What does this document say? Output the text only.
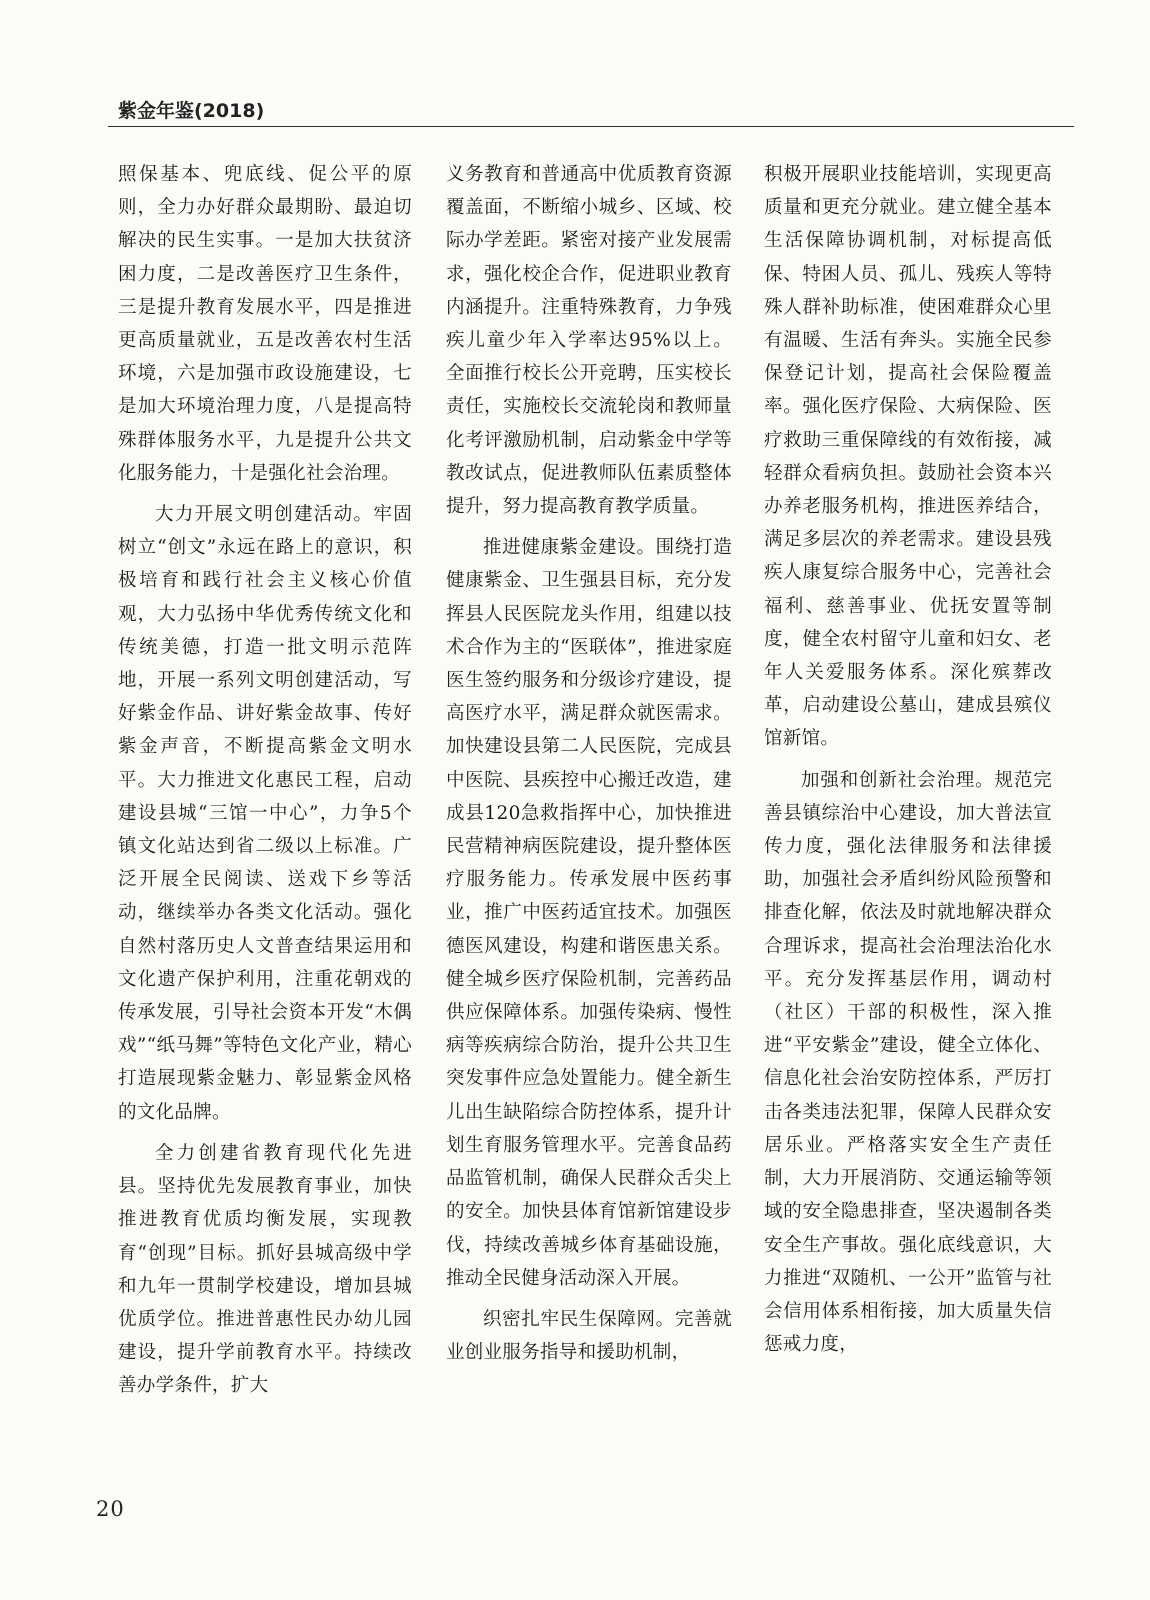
紫金年鉴(2018)

照保基本、兜底线、促公平的原则，全力办好群众最期盼、最迫切解决的民生实事。一是加大扶贫济困力度，二是改善医疗卫生条件，三是提升教育发展水平，四是推进更高质量就业，五是改善农村生活环境，六是加强市政设施建设，七是加大环境治理力度，八是提高特殊群体服务水平，九是提升公共文化服务能力，十是强化社会治理。

大力开展文明创建活动。牢固树立“创文”永远在路上的意识，积极培育和践行社会主义核心价值观，大力弘扬中华优秀传统文化和传统美德，打造一批文明示范阵地，开展一系列文明创建活动，写好紫金作品、讲好紫金故事、传好紫金声音，不断提高紫金文明水平。大力推进文化惠民工程，启动建设县城“三馆一中心”，力争5个镇文化站达到省二级以上标准。广泛开展全民阅读、送戏下乡等活动，继续举办各类文化活动。强化自然村落历史人文普查结果运用和文化遗产保护利用，注重花朝戏的传承发展，引导社会资本开发“木偶戏”“纸马舞”等特色文化产业，精心打造展现紫金魅力、彰显紫金风格的文化品牌。

全力创建省教育现代化先进县。坚持优先发展教育事业，加快推进教育优质均衡发展，实现教育“创现”目标。抓好县城高级中学和九年一贯制学校建设，增加县城优质学位。推进普惠性民办幼儿园建设，提升学前教育水平。持续改善办学条件，扩大

义务教育和普通高中优质教育资源覆盖面，不断缩小城乡、区域、校际办学差距。紧密对接产业发展需求，强化校企合作，促进职业教育内涵提升。注重特殊教育，力争残疾儿童少年入学率达95%以上。全面推行校长公开竞聘，压实校长责任，实施校长交流轮岗和教师量化考评激励机制，启动紫金中学等教改试点，促进教师队伍素质整体提升，努力提高教育教学质量。

推进健康紫金建设。围绕打造健康紫金、卫生强县目标，充分发挥县人民医院龙头作用，组建以技术合作为主的“医联体”，推进家庭医生签约服务和分级诊疗建设，提高医疗水平，满足群众就医需求。加快建设县第二人民医院，完成县中医院、县疾控中心搬迁改造，建成县120急救指挥中心，加快推进民营精神病医院建设，提升整体医疗服务能力。传承发展中医药事业，推广中医药适宜技术。加强医德医风建设，构建和谐医患关系。健全城乡医疗保险机制，完善药品供应保障体系。加强传染病、慢性病等疾病综合防治，提升公共卫生突发事件应急处置能力。健全新生儿出生缺陷综合防控体系，提升计划生育服务管理水平。完善食品药品监管机制，确保人民群众舌尖上的安全。加快县体育馆新馆建设步伐，持续改善城乡体育基础设施，推动全民健身活动深入开展。

织密扎牢民生保障网。完善就业创业服务指导和援助机制，

积极开展职业技能培训，实现更高质量和更充分就业。建立健全基本生活保障协调机制，对标提高低保、特困人员、孤儿、残疾人等特殊人群补助标准，使困难群众心里有温暖、生活有奔头。实施全民参保登记计划，提高社会保险覆盖率。强化医疗保险、大病保险、医疗救助三重保障线的有效衔接，减轻群众看病负担。鼓励社会资本兴办养老服务机构，推进医养结合，满足多层次的养老需求。建设县残疾人康复综合服务中心，完善社会福利、慈善事业、优抚安置等制度，健全农村留守儿童和妇女、老年人关爱服务体系。深化殡葬改革，启动建设公墓山，建成县殡仪馆新馆。

加强和创新社会治理。规范完善县镇综治中心建设，加大普法宣传力度，强化法律服务和法律援助，加强社会矛盾纠纷风险预警和排查化解，依法及时就地解决群众合理诉求，提高社会治理法治化水平。充分发挥基层作用，调动村（社区）干部的积极性，深入推进“平安紫金”建设，健全立体化、信息化社会治安防控体系，严厉打击各类违法犯罪，保障人民群众安居乐业。严格落实安全生产责任制，大力开展消防、交通运输等领域的安全隐患排查，坚决遏制各类安全生产事故。强化底线意识，大力推进“双随机、一公开”监管与社会信用体系相衔接，加大质量失信惩戒力度，

20
